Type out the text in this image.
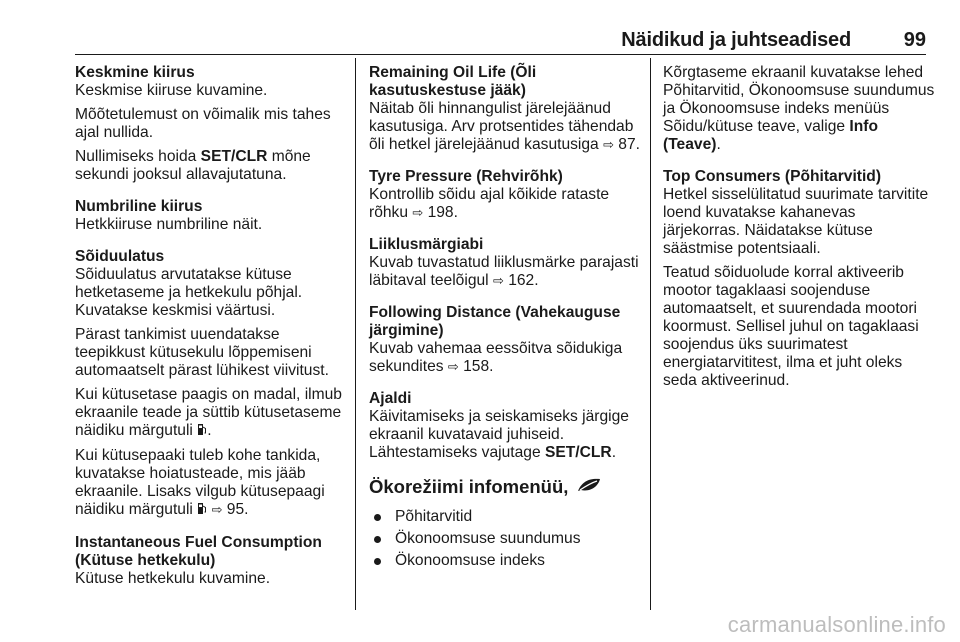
Näidikud ja juhtseadised	99
Keskmine kiirus

Keskmise kiiruse kuvamine.

Mõõtetulemust on võimalik mis tahes ajal nullida.

Nullimiseks hoida SET/CLR mõne sekundi jooksul allavajutatuna.

Numbriline kiirus

Hetkkiiruse numbriline näit.

Sõiduulatus

Sõiduulatus arvutatakse kütuse hetketaseme ja hetkekulu põhjal. Kuvatakse keskmisi väärtusi.

Pärast tankimist uuendatakse teepikkust kütusekulu lõppemiseni automaatselt pärast lühikest viivitust.

Kui kütusetase paagis on madal, ilmub ekraanile teade ja süttib kütusetaseme näidiku märgutuli .

Kui kütusepaaki tuleb kohe tankida, kuvatakse hoiatusteade, mis jääb ekraanile. Lisaks vilgub kütusepaagi näidiku märgutuli  ⇨ 95.

Instantaneous Fuel Consumption (Kütuse hetkekulu)

Kütuse hetkekulu kuvamine.

Remaining Oil Life (Õli kasutuskestuse jääk)

Näitab õli hinnangulist järelejäänud kasutusiga. Arv protsentides tähendab õli hetkel järelejäänud kasutusiga ⇨ 87.

Tyre Pressure (Rehvirõhk)

Kontrollib sõidu ajal kõikide rataste rõhku ⇨ 198.

Liiklusmärgiabi

Kuvab tuvastatud liiklusmärke parajasti läbitaval teelõigul ⇨ 162.

Following Distance (Vahekauguse järgimine)

Kuvab vahemaa eessõitva sõidukiga sekundites ⇨ 158.

Ajaldi

Käivitamiseks ja seiskamiseks järgige ekraanil kuvatavaid juhiseid. Lähtestamiseks vajutage SET/CLR.

Ökorežiimi infomenüü,
Põhitarvitid
Ökonoomsuse suundumus
Ökonoomsuse indeks

Kõrgtaseme ekraanil kuvatakse lehed Põhitarvitid, Ökonoomsuse suundumus ja Ökonoomsuse indeks menüüs Sõidu/kütuse teave, valige Info (Teave).

Top Consumers (Põhitarvitid)

Hetkel sisselülitatud suurimate tarvitite loend kuvatakse kahanevas järjekorras. Näidatakse kütuse säästmise potentsiaali.

Teatud sõiduolude korral aktiveerib mootor tagaklaasi soojenduse automaatselt, et suurendada mootori koormust. Sellisel juhul on tagaklaasi soojendus üks suurimatest energiatarvititest, ilma et juht oleks seda aktiveerinud.

carmanualsonline.info
